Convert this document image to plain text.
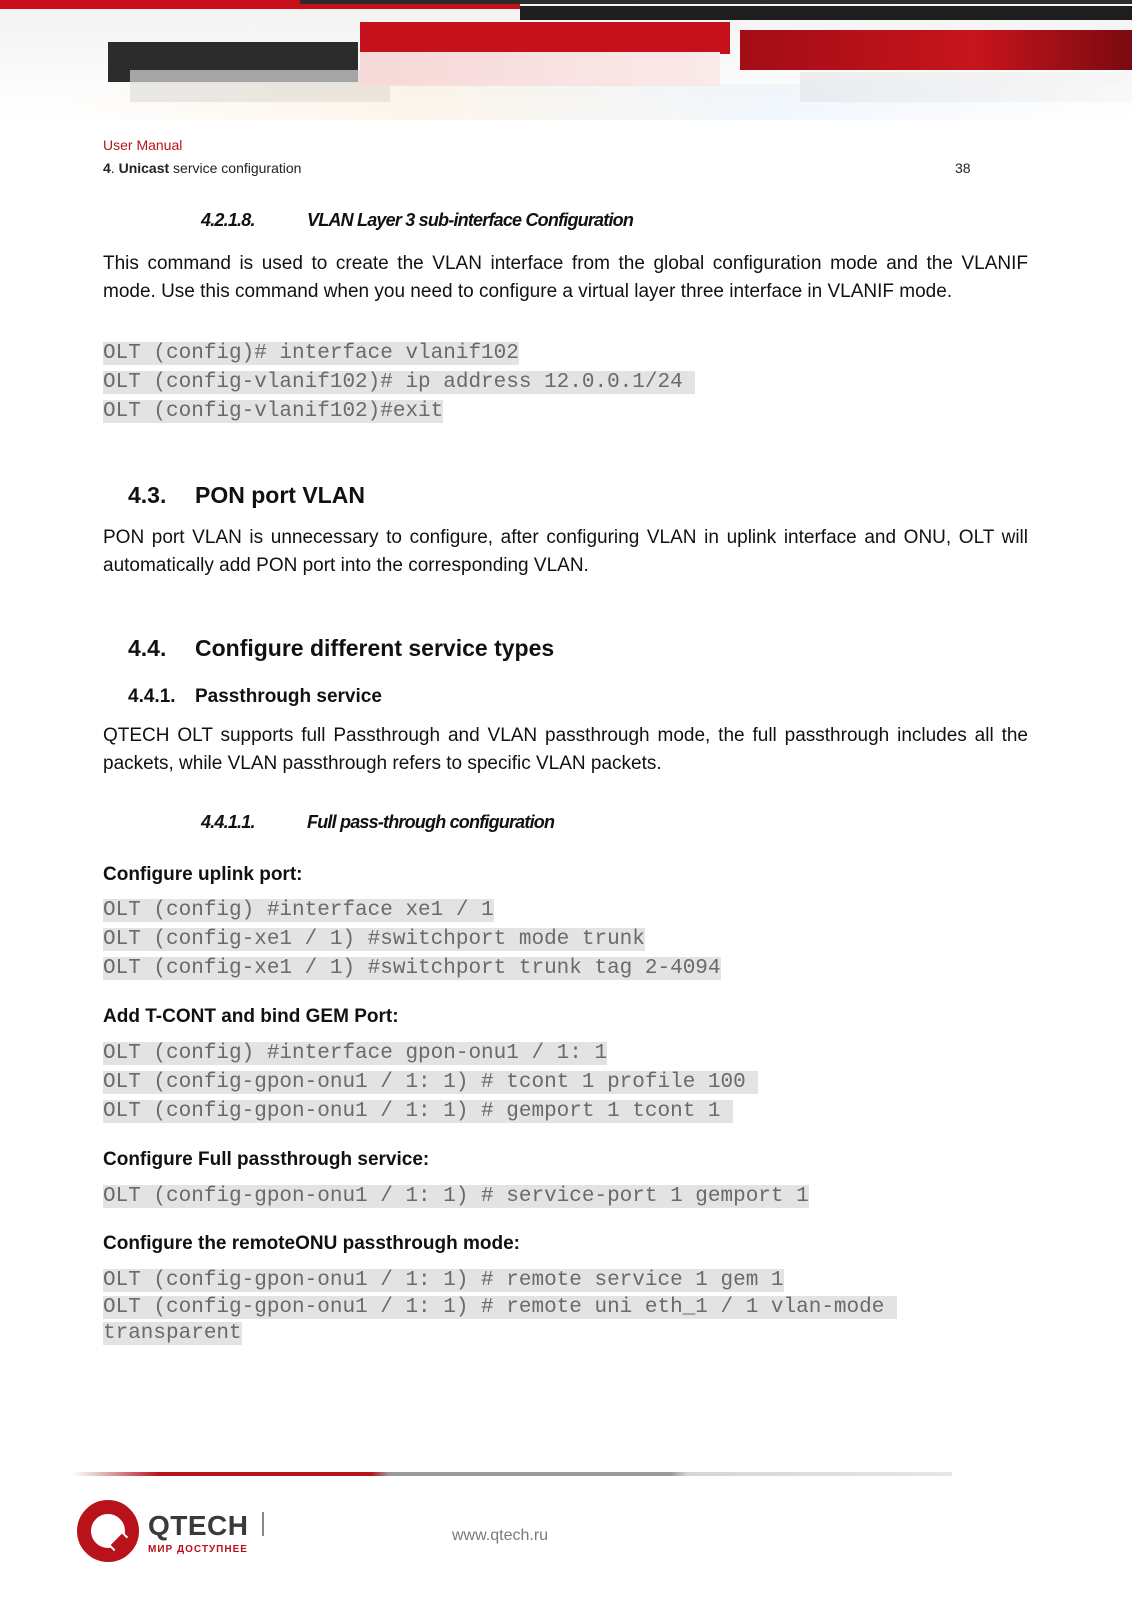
User Manual
4. Unicast service configuration	38
4.2.1.8.	VLAN Layer 3 sub-interface Configuration
This command is used to create the VLAN interface from the global configuration mode and the VLANIF mode. Use this command when you need to configure a virtual layer three interface in VLANIF mode.
OLT (config)# interface vlanif102
OLT (config-vlanif102)# ip address 12.0.0.1/24
OLT (config-vlanif102)#exit
4.3. PON port VLAN
PON port VLAN is unnecessary to configure, after configuring VLAN in uplink interface and ONU, OLT will automatically add PON port into the corresponding VLAN.
4.4. Configure different service types
4.4.1. Passthrough service
QTECH OLT supports full Passthrough and VLAN passthrough mode, the full passthrough includes all the packets, while VLAN passthrough refers to specific VLAN packets.
4.4.1.1.	Full pass-through configuration
Configure uplink port:
OLT (config) #interface xe1 / 1
OLT (config-xe1 / 1) #switchport mode trunk
OLT (config-xe1 / 1) #switchport trunk tag 2-4094
Add T-CONT and bind GEM Port:
OLT (config) #interface gpon-onu1 / 1: 1
OLT (config-gpon-onu1 / 1: 1) # tcont 1 profile 100
OLT (config-gpon-onu1 / 1: 1) # gemport 1 tcont 1
Configure Full passthrough service:
OLT (config-gpon-onu1 / 1: 1) # service-port 1 gemport 1
Configure the remoteONU passthrough mode:
OLT (config-gpon-onu1 / 1: 1) # remote service 1 gem 1
OLT (config-gpon-onu1 / 1: 1) # remote uni eth_1 / 1 vlan-mode
transparent
QTECH
МИР ДОСТУПНЕЕ
www.qtech.ru
